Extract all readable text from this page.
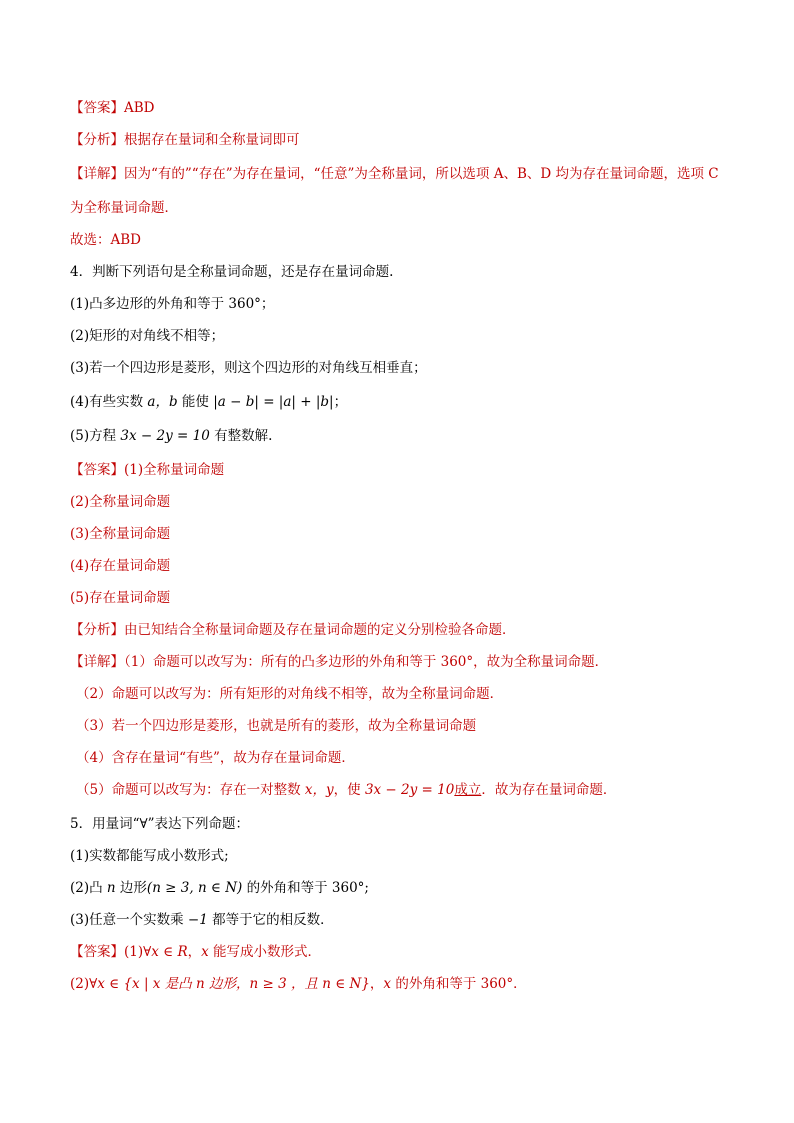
【答案】ABD
【分析】根据存在量词和全称量词即可
【详解】因为“有的”“存在”为存在量词，“任意”为全称量词，所以选项 A、B、D 均为存在量词命题，选项 C
为全称量词命题．
故选：ABD
4．判断下列语句是全称量词命题，还是存在量词命题.
(1)凸多边形的外角和等于 360°；
(2)矩形的对角线不相等；
(3)若一个四边形是菱形，则这个四边形的对角线互相垂直；
(4)有些实数 a，b 能使 |a − b| = |a| + |b|；
(5)方程 3x − 2y = 10 有整数解.
【答案】(1)全称量词命题
(2)全称量词命题
(3)全称量词命题
(4)存在量词命题
(5)存在量词命题
【分析】由已知结合全称量词命题及存在量词命题的定义分别检验各命题．
【详解】（1）命题可以改写为：所有的凸多边形的外角和等于 360°，故为全称量词命题．
（2）命题可以改写为：所有矩形的对角线不相等，故为全称量词命题．
（3）若一个四边形是菱形，也就是所有的菱形，故为全称量词命题
（4）含存在量词“有些”，故为存在量词命题．
（5）命题可以改写为：存在一对整数 x，y，使 3x − 2y = 10成立．故为存在量词命题．
5．用量词“∀”表达下列命题：
(1)实数都能写成小数形式;
(2)凸 n 边形(n ≥ 3, n ∈ N) 的外角和等于 360°;
(3)任意一个实数乘 −1 都等于它的相反数．
【答案】(1)∀x ∈ R，x 能写成小数形式．
(2)∀x ∈ {x | x 是凸 n 边形，n ≥ 3 ，且 n ∈ N}，x 的外角和等于 360°．
